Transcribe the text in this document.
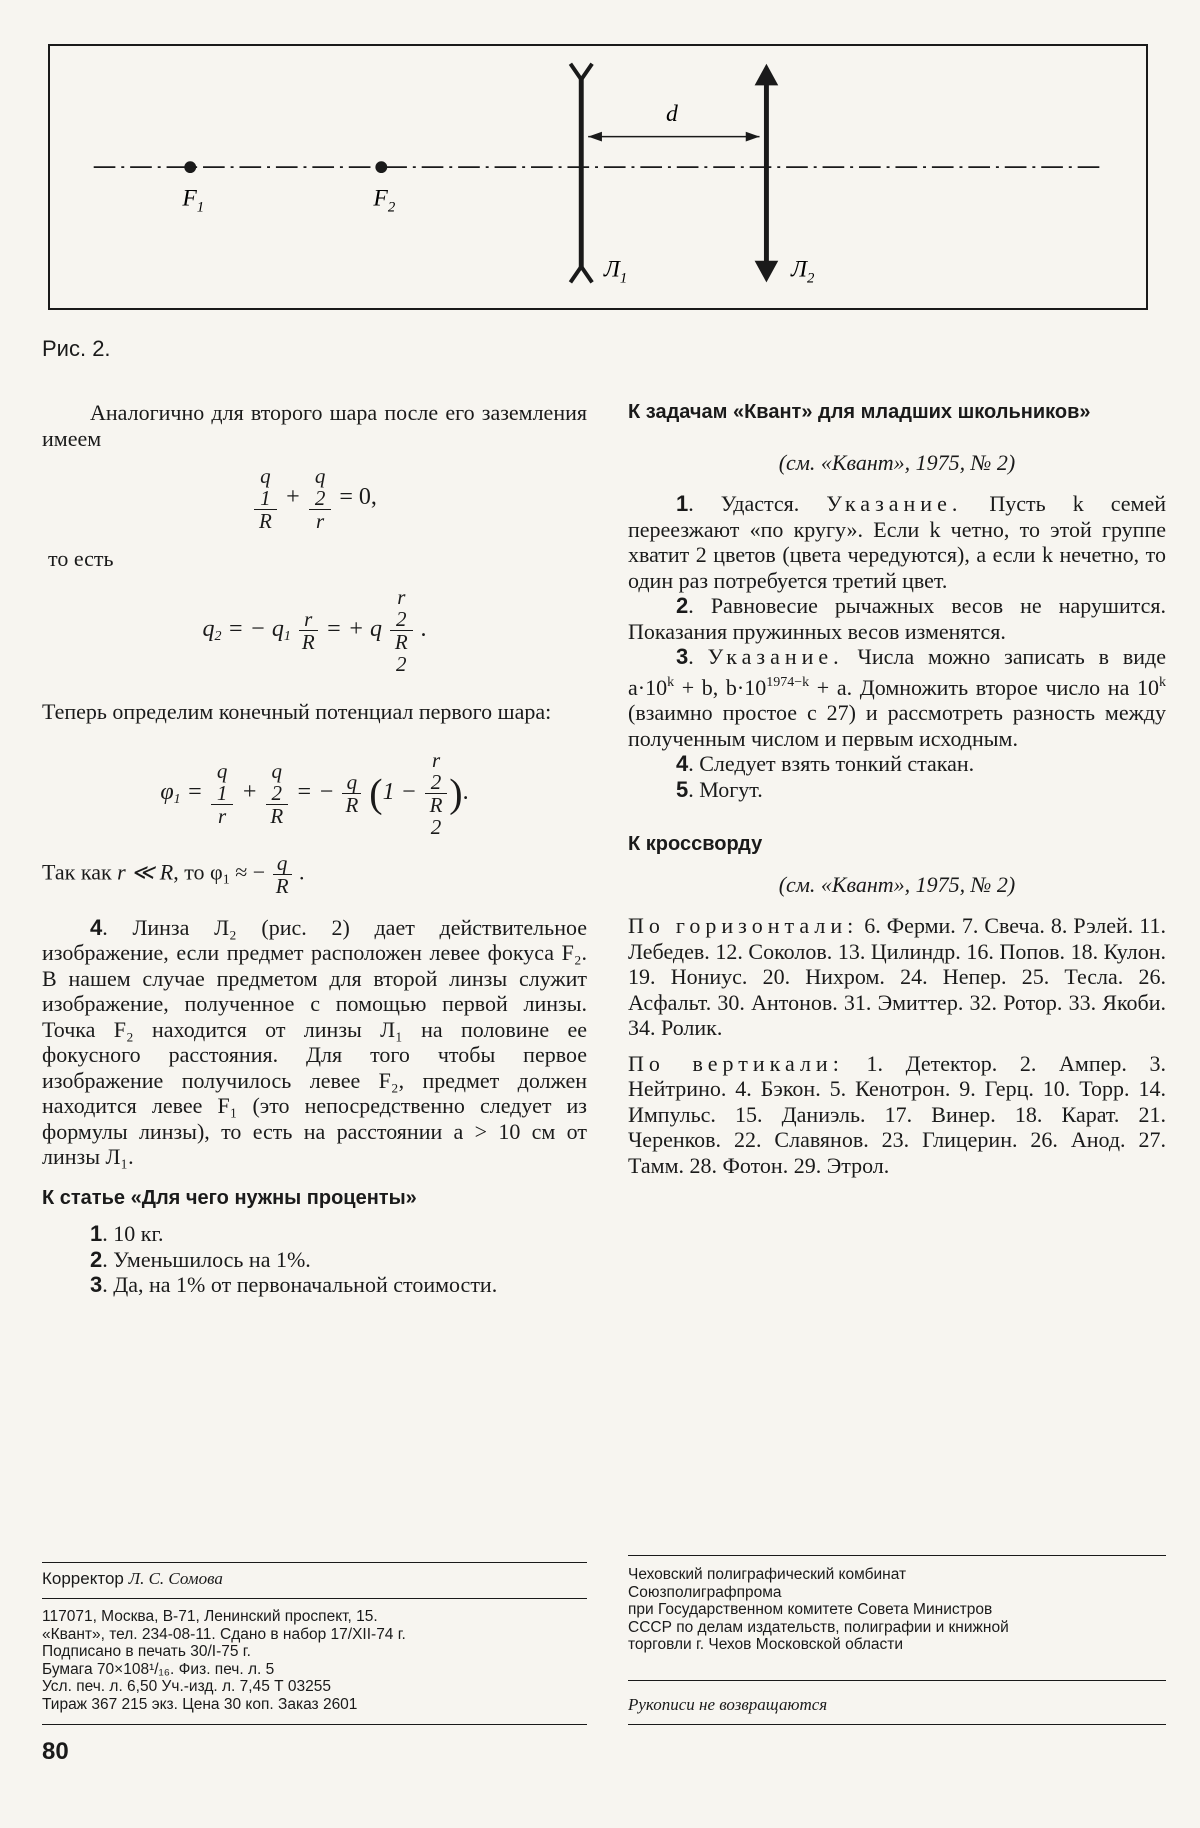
d
$F_1$	$F_2$
$Л_1$	$Л_2$
Рис. 2.

Аналогично для второго шара после его заземления имеем

q
1
R + q
2
r = 0,

то есть

$q_2$ = − $q_1 \frac{r}{R}$ = + q r
2
R
2 .

Теперь определим конечный потенциал первого шара:

$\varphi_1 = q$
1
r + q
2
R = − $\frac{q}{R} (1 - r$
2
R
2 ).

Так как r ≪ R, то $\varphi_1$ ≈ − $\frac{q}{R}$ .

4. Линза Л₂ (рис. 2) дает действительное изображение, если предмет расположен левее фокуса F₂. В нашем случае предметом для второй линзы служит изображение, полученное с помощью первой линзы. Точка F₂ находится от линзы Л₁ на половине ее фокусного расстояния. Для того чтобы первое изображение получилось левее F₂, предмет должен находится левее F₁ (это непосредственно следует из формулы линзы), то есть на расстоянии a > 10 см от линзы Л₁.

К статье «Для чего нужны проценты»

1. 10 кг.

2. Уменьшилось на 1%.

3. Да, на 1% от первоначальной стоимости.

К задачам «Квант» для младших школьников»

(см. «Квант», 1975, № 2)

1. Удастся. Указание. Пусть k семей переезжают «по кругу». Если k четно, то этой группе хватит 2 цветов (цвета чередуются), а если k нечетно, то один раз потребуется третий цвет.

2. Равновесие рычажных весов не нарушится. Показания пружинных весов изменятся.

3. Указание. Числа можно записать в виде $a\cdot 10^k + b$, $b\cdot 10^{1974-k} + a$. Домножить второе число на 10$^k$ (взаимно простое с 27) и рассмотреть разность между полученным числом и первым исходным.

4. Следует взять тонкий стакан.

5. Могут.

К кроссворду

(см. «Квант», 1975, № 2)

По горизонтали: 6. Ферми. 7. Свеча. 8. Рэлей. 11. Лебедев. 12. Соколов. 13. Цилиндр. 16. Попов. 18. Кулон. 19. Нониус. 20. Нихром. 24. Непер. 25. Тесла. 26. Асфальт. 30. Антонов. 31. Эмиттер. 32. Ротор. 33. Якоби. 34. Ролик.

По вертикали: 1. Детектор. 2. Ампер. 3. Нейтрино. 4. Бэкон. 5. Кенотрон. 9. Герц. 10. Торр. 14. Импульс. 15. Даниэль. 17. Винер. 18. Карат. 21. Черенков. 22. Славянов. 23. Глицерин. 26. Анод. 27. Тамм. 28. Фотон. 29. Этрол.

Корректор Л. С. Сомова
117071, Москва, В-71, Ленинский проспект, 15.
«Квант», тел. 234-08-11. Сдано в набор 17/XII-74 г.
Подписано в печать 30/I-75 г.
Бумага 70×108¹/₁₆. Физ. печ. л. 5
Усл. печ. л. 6,50 Уч.-изд. л. 7,45 Т 03255
Тираж 367 215 экз. Цена 30 коп. Заказ 2601
Чеховский полиграфический комбинат
Союзполиграфпрома
при Государственном комитете Совета Министров
СССР по делам издательств, полиграфии и книжной
торговли г. Чехов Московской области
Рукописи не возвращаются
80
